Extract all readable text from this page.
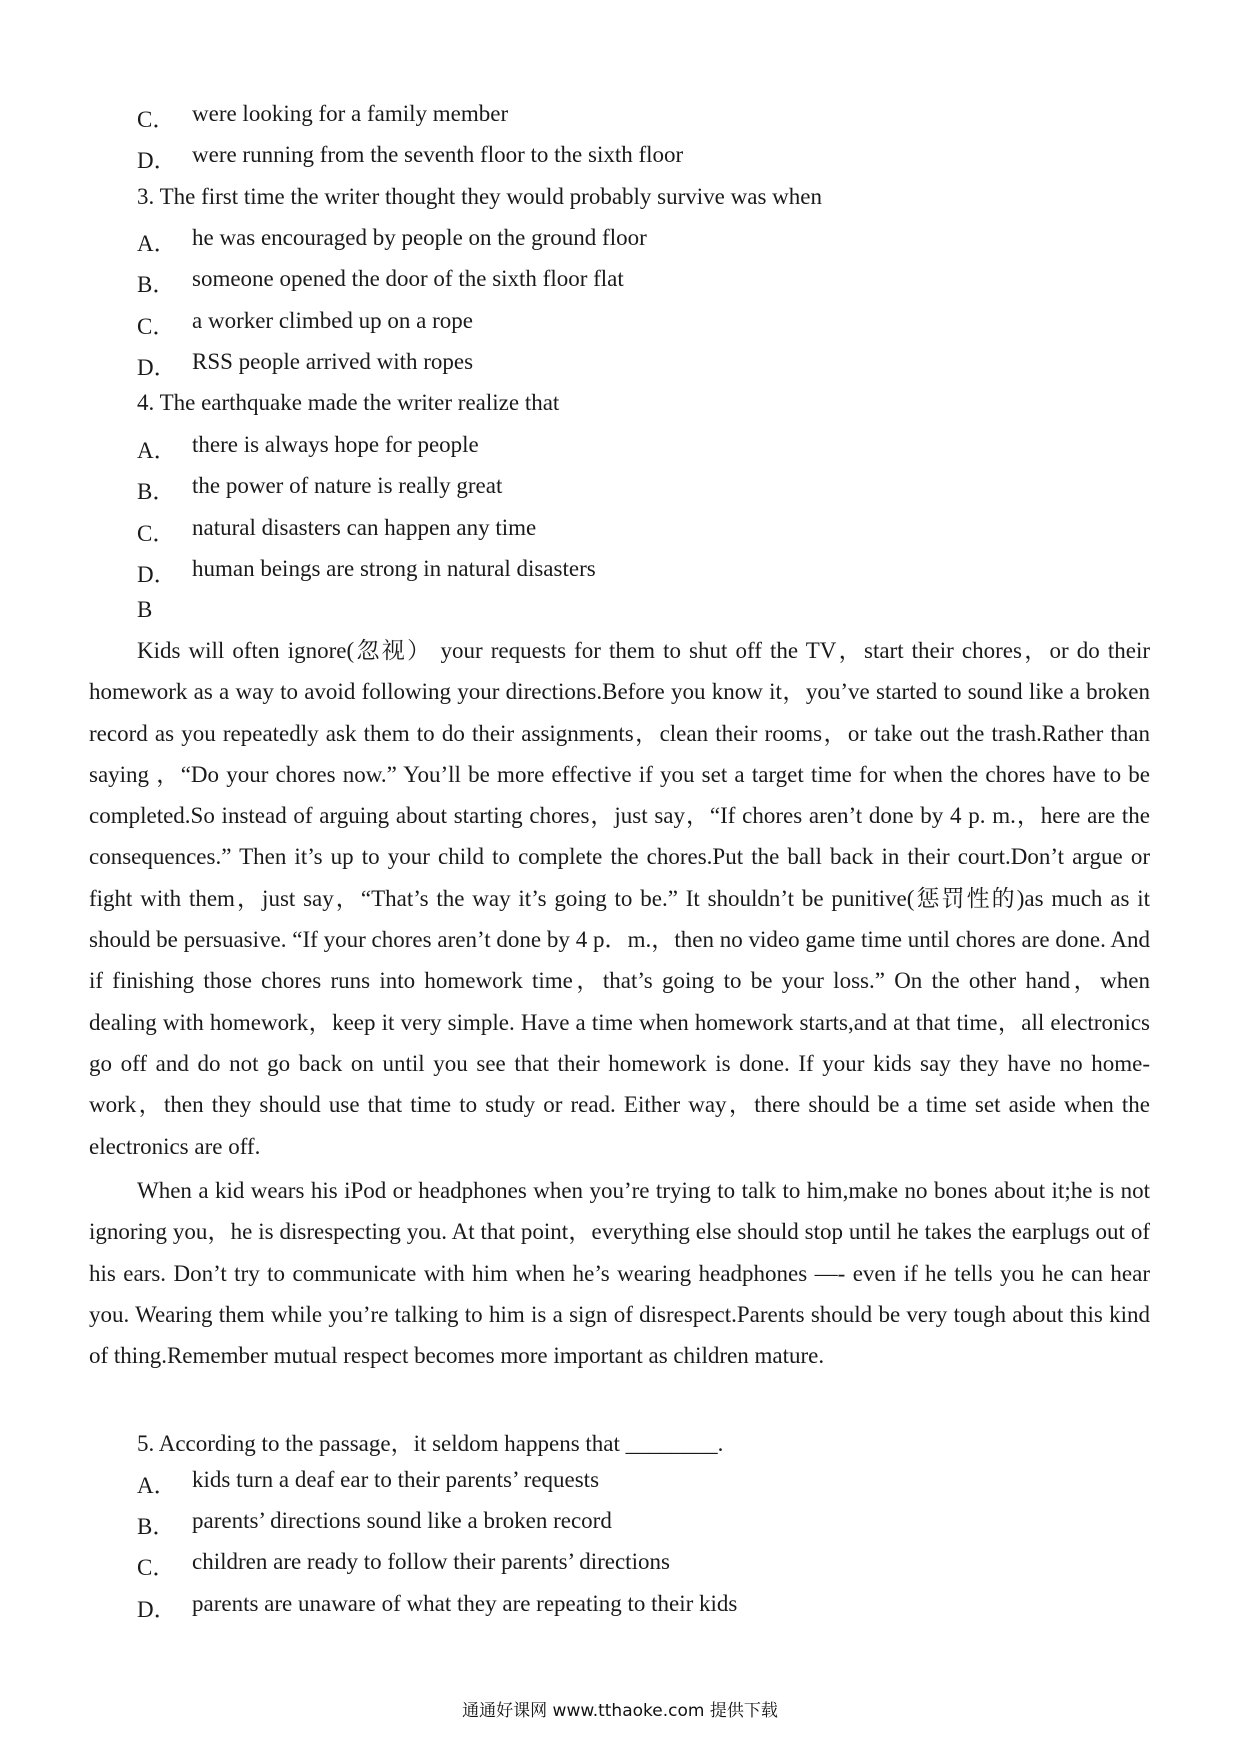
C． were looking for a family member
D． were running from the seventh floor to the sixth floor
3. The first time the writer thought they would probably survive was when
A． he was encouraged by people on the ground floor
B． someone opened the door of the sixth floor flat
C． a worker climbed up on a rope
D． RSS people arrived with ropes
4. The earthquake made the writer realize that
A． there is always hope for people
B． the power of nature is really great
C． natural disasters can happen any time
D． human beings are strong in natural disasters
B
Kids will often ignore(忽视） your requests for them to shut off the TV，start their chores，or do their homework as a way to avoid following your directions.Before you know it，you’ve started to sound like a broken record as you repeatedly ask them to do their assignments，clean their rooms，or take out the trash.Rather than saying ，“Do your chores now.” You’ll be more effective if you set a target time for when the chores have to be completed.So instead of arguing about starting chores，just say，“If chores aren’t done by 4 p. m.，here are the consequences.” Then it’s up to your child to complete the chores.Put the ball back in their court.Don’t argue or fight with them，just say，“That’s the way it’s going to be.” It shouldn’t be punitive(惩罚性的)as much as it should be persuasive. “If your chores aren’t done by 4 p．m.，then no video game time until chores are done. And if finishing those chores runs into homework time，that’s going to be your loss.” On the other hand，when dealing with homework，keep it very simple. Have a time when homework starts,and at that time，all electronics go off and do not go back on until you see that their homework is done. If your kids say they have no home-work，then they should use that time to study or read. Either way，there should be a time set aside when the electronics are off.
When a kid wears his iPod or headphones when you’re trying to talk to him,make no bones about it;he is not ignoring you，he is disrespecting you. At that point，everything else should stop until he takes the earplugs out of his ears. Don’t try to communicate with him when he’s wearing headphones —- even if he tells you he can hear you. Wearing them while you’re talking to him is a sign of disrespect.Parents should be very tough about this kind of thing.Remember mutual respect becomes more important as children mature.
5. According to the passage，it seldom happens that ________.
A． kids turn a deaf ear to their parents’ requests
B． parents’ directions sound like a broken record
C． children are ready to follow their parents’ directions
D． parents are unaware of what they are repeating to their kids
通通好课网 www.tthaoke.com 提供下载
